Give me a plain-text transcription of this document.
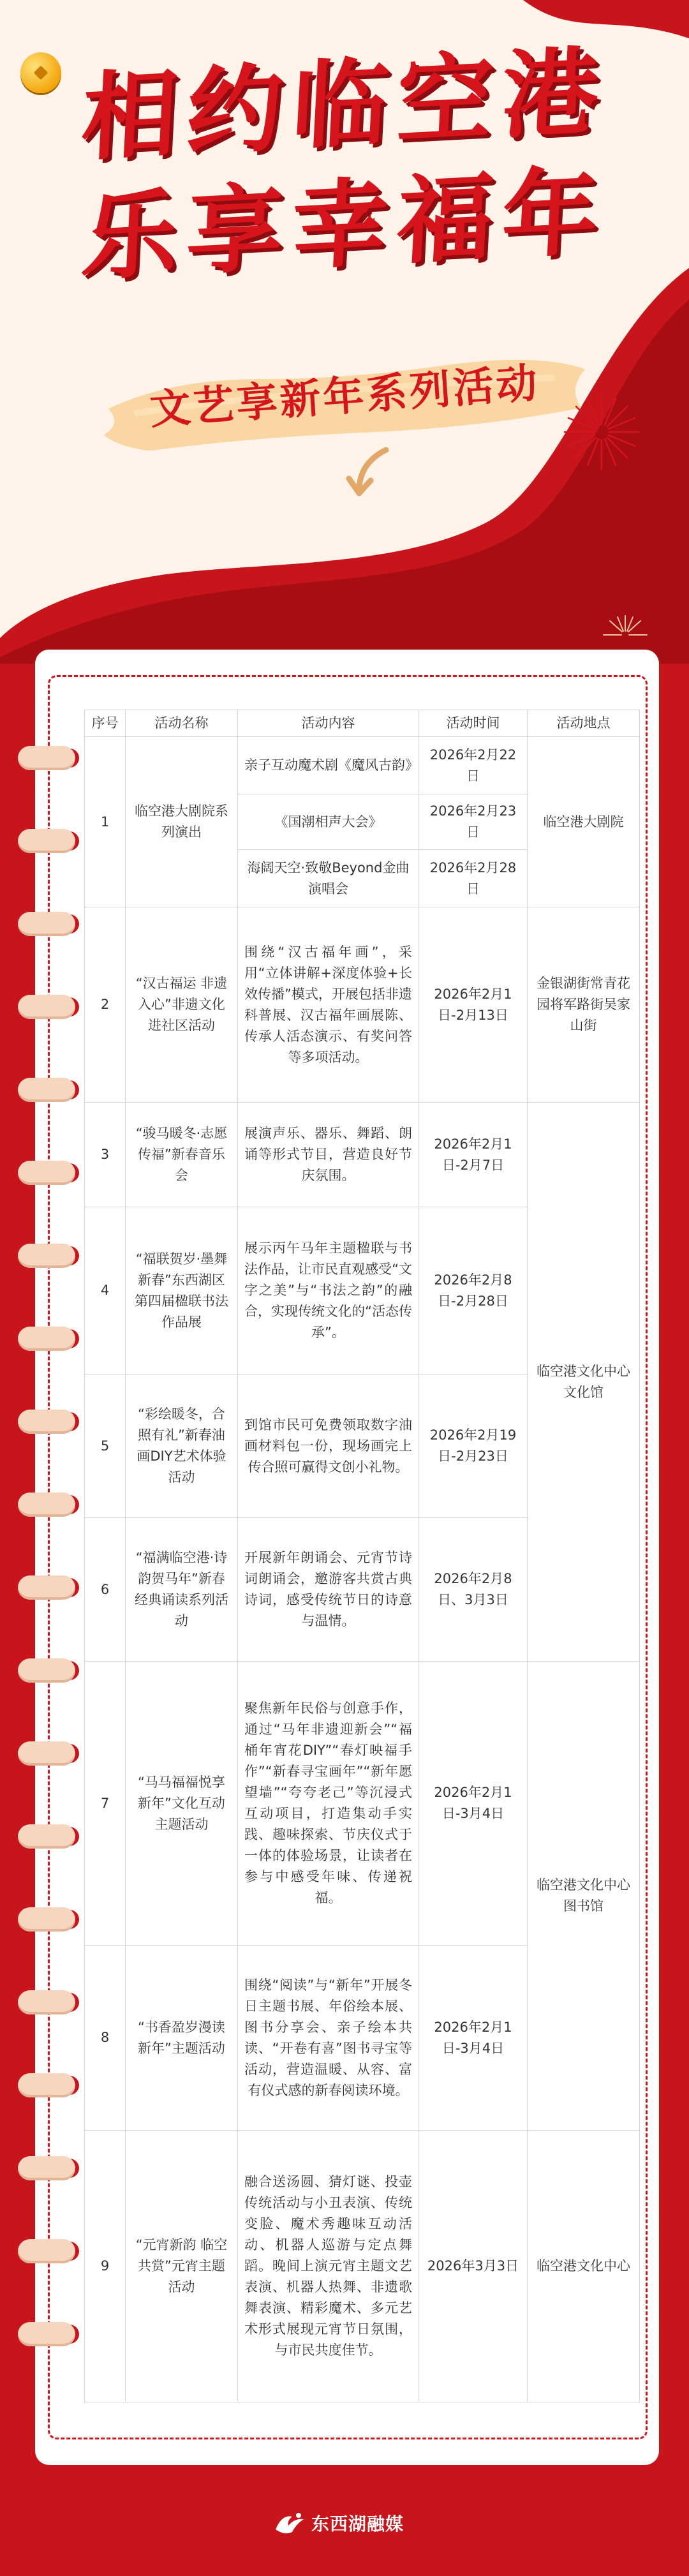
相约临空港
乐享幸福年
文艺享新年系列活动
序号	活动名称	活动内容	活动时间	活动地点
1	临空港大剧院系列演出	亲子互动魔术剧《魔风古韵》	2026年2月22日	临空港大剧院
		《国潮相声大会》	2026年2月23日	
		海阔天空·致敬Beyond金曲演唱会	2026年2月28日	
2	“汉古福运 非遗入心”非遗文化进社区活动	围绕“汉古福年画”，采用“立体讲解+深度体验+长效传播”模式，开展包括非遗科普展、汉古福年画展陈、传承人活态演示、有奖问答等多项活动。	2026年2月1日-2月13日	金银湖街常青花园将军路街吴家山街
3	“骏马暖冬·志愿传福”新春音乐会	展演声乐、器乐、舞蹈、朗诵等形式节目，营造良好节庆氛围。	2026年2月1日-2月7日	临空港文化中心文化馆
4	“福联贺岁·墨舞新春”东西湖区第四届楹联书法作品展	展示丙午马年主题楹联与书法作品，让市民直观感受“文字之美”与“书法之韵”的融合，实现传统文化的“活态传承”。	2026年2月8日-2月28日	
5	“彩绘暖冬，合照有礼”新春油画DIY艺术体验活动	到馆市民可免费领取数字油画材料包一份，现场画完上传合照可赢得文创小礼物。	2026年2月19日-2月23日	
6	“福满临空港·诗韵贺马年”新春经典诵读系列活动	开展新年朗诵会、元宵节诗词朗诵会，邀游客共赏古典诗词，感受传统节日的诗意与温情。	2026年2月8日、3月3日	
7	“马马福福悦享新年”文化互动主题活动	聚焦新年民俗与创意手作，通过“马年非遗迎新会”“福桶年宵花DIY”“春灯映福手作”“新春寻宝画年”“新年愿望墙”“夸夸老己”等沉浸式互动项目，打造集动手实践、趣味探索、节庆仪式于一体的体验场景，让读者在参与中感受年味、传递祝福。	2026年2月1日-3月4日	临空港文化中心图书馆
8	“书香盈岁漫读新年”主题活动	围绕“阅读”与“新年”开展冬日主题书展、年俗绘本展、图书分享会、亲子绘本共读、“开卷有喜”图书寻宝等活动，营造温暖、从容、富有仪式感的新春阅读环境。	2026年2月1日-3月4日	
9	“元宵新韵 临空共赏”元宵主题活动	融合送汤圆、猜灯谜、投壶传统活动与小丑表演、传统变脸、魔术秀趣味互动活动、机器人巡游与定点舞蹈。晚间上演元宵主题文艺表演、机器人热舞、非遗歌舞表演、精彩魔术、多元艺术形式展现元宵节日氛围，与市民共度佳节。	2026年3月3日	临空港文化中心
东西湖融媒
